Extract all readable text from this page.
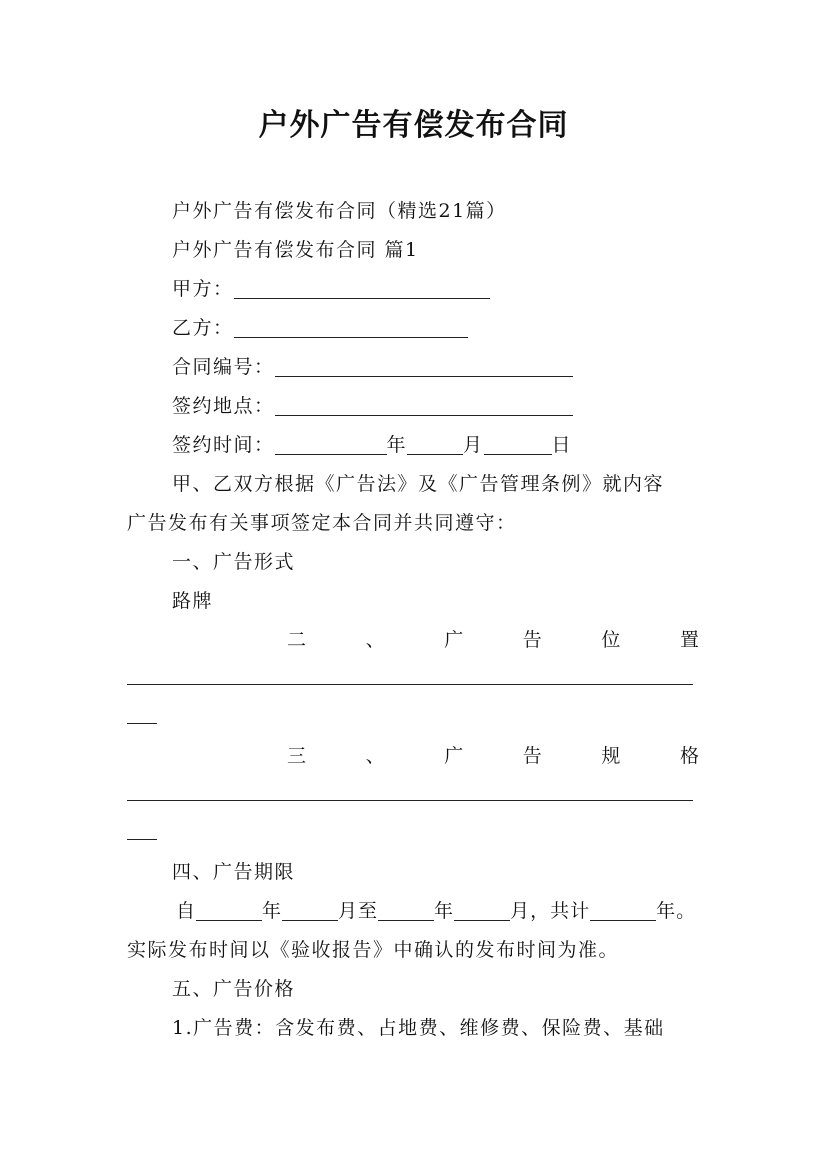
户外广告有偿发布合同
户外广告有偿发布合同（精选21篇）
户外广告有偿发布合同 篇1
甲方：
乙方：
合同编号：
签约地点：
签约时间：	年	月	日
甲、乙双方根据《广告法》及《广告管理条例》就内容
广告发布有关事项签定本合同并共同遵守：
一、广告形式
路牌
二	、	广	告	位	置
三	、	广	告	规	格
四、广告期限
自	年	月至	年	月，共计	年。
实际发布时间以《验收报告》中确认的发布时间为准。
五、广告价格
1.广告费：含发布费、占地费、维修费、保险费、基础
